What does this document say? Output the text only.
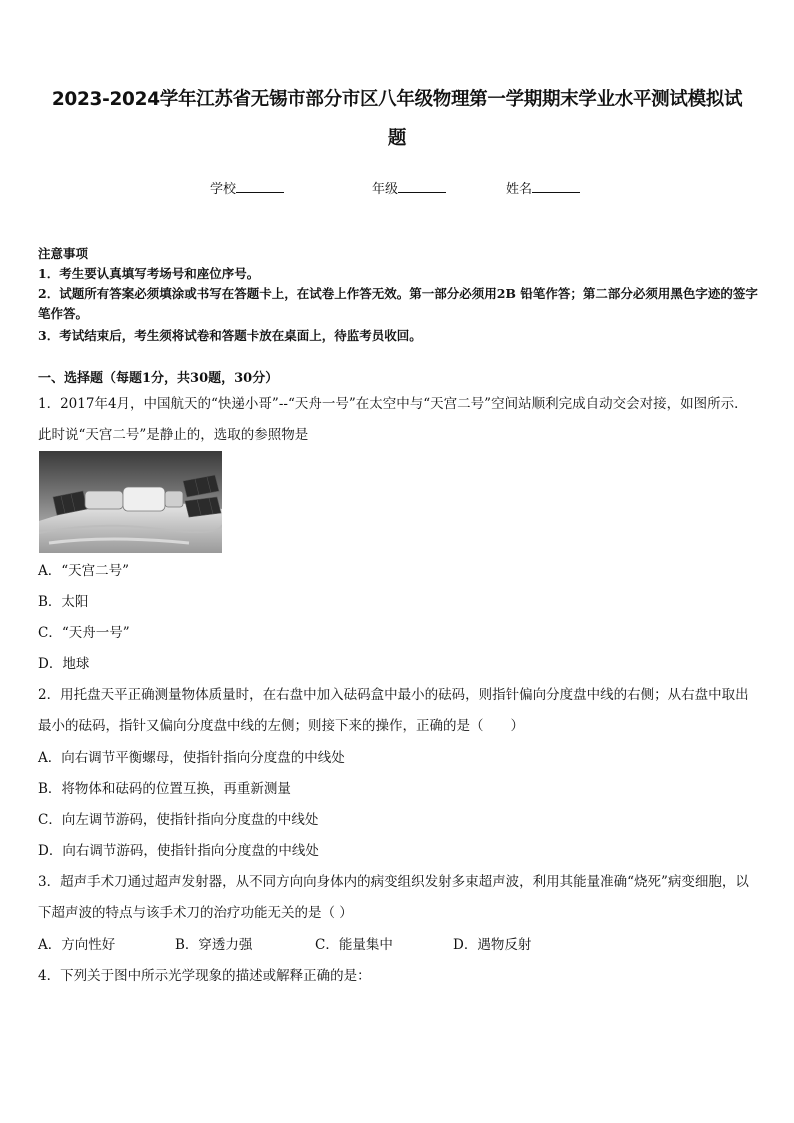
2023-2024学年江苏省无锡市部分市区八年级物理第一学期期末学业水平测试模拟试
题
学校	年级	姓名
注意事项
1．考生要认真填写考场号和座位序号。
2．试题所有答案必须填涂或书写在答题卡上，在试卷上作答无效。第一部分必须用2B 铅笔作答；第二部分必须用黑色字迹的签字笔作答。
3．考试结束后，考生须将试卷和答题卡放在桌面上，待监考员收回。
一、选择题（每题1分，共30题，30分）
1．2017年4月，中国航天的“快递小哥”--“天舟一号”在太空中与“天宫二号”空间站顺利完成自动交会对接，如图所示．此时说“天宫二号”是静止的，选取的参照物是
A．“天宫二号”
B．太阳
C．“天舟一号”
D．地球
2．用托盘天平正确测量物体质量时，在右盘中加入砝码盒中最小的砝码，则指针偏向分度盘中线的右侧；从右盘中取出最小的砝码，指针又偏向分度盘中线的左侧；则接下来的操作，正确的是（　　）
A．向右调节平衡螺母，使指针指向分度盘的中线处
B．将物体和砝码的位置互换，再重新测量
C．向左调节游码，使指针指向分度盘的中线处
D．向右调节游码，使指针指向分度盘的中线处
3．超声手术刀通过超声发射器，从不同方向向身体内的病变组织发射多束超声波，利用其能量准确“烧死”病变细胞，以下超声波的特点与该手术刀的治疗功能无关的是（ ）
A．方向性好	B．穿透力强	C．能量集中	D．遇物反射
4．下列关于图中所示光学现象的描述或解释正确的是：
